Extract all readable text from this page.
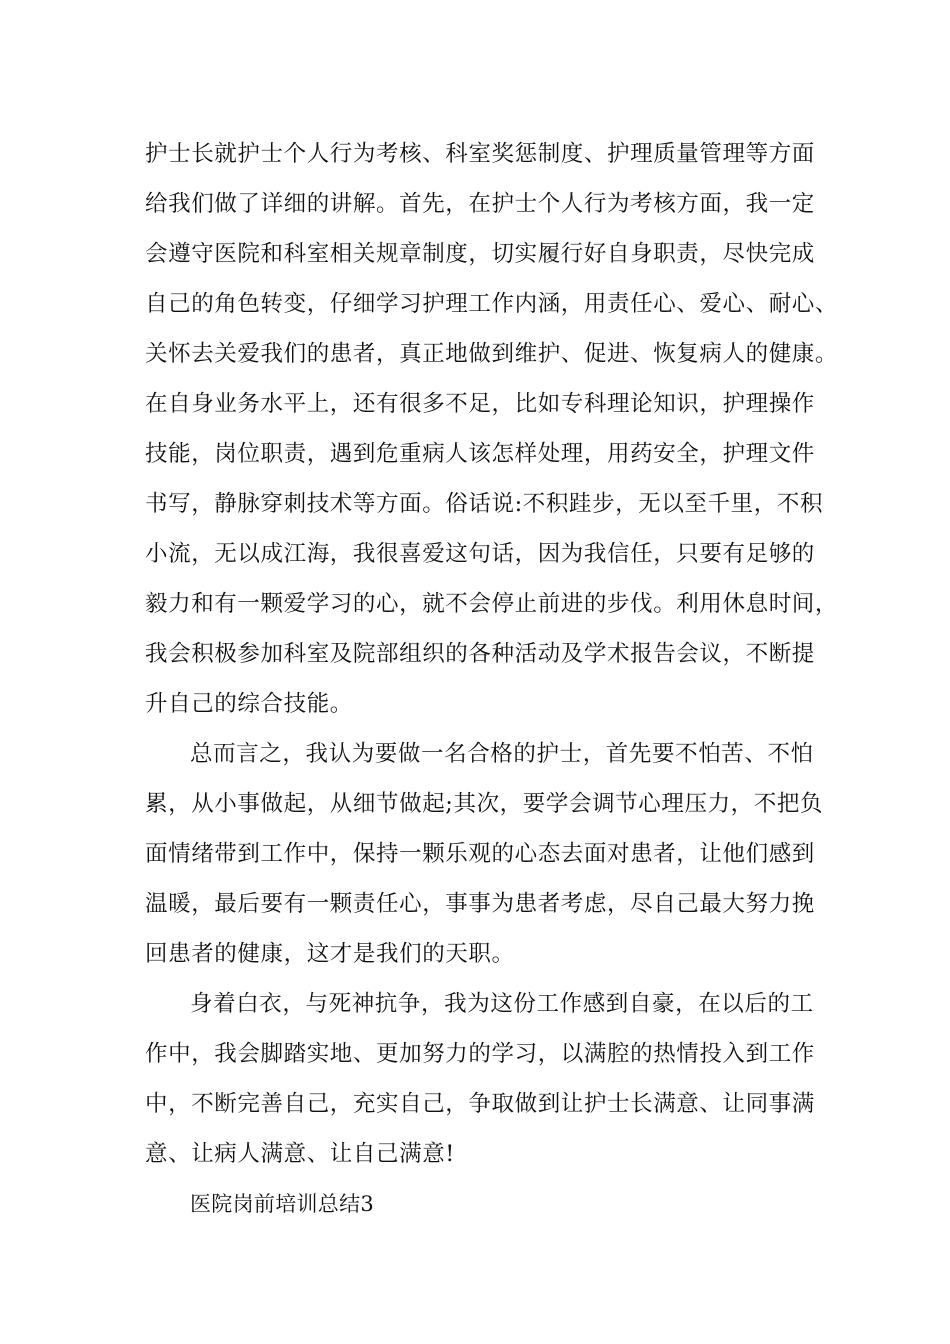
护士长就护士个人行为考核、科室奖惩制度、护理质量管理等方面
给我们做了详细的讲解。首先，在护士个人行为考核方面，我一定
会遵守医院和科室相关规章制度，切实履行好自身职责，尽快完成
自己的角色转变，仔细学习护理工作内涵，用责任心、爱心、耐心、
关怀去关爱我们的患者，真正地做到维护、促进、恢复病人的健康。
在自身业务水平上，还有很多不足，比如专科理论知识，护理操作
技能，岗位职责，遇到危重病人该怎样处理，用药安全，护理文件
书写，静脉穿刺技术等方面。俗话说:不积跬步，无以至千里，不积
小流，无以成江海，我很喜爱这句话，因为我信任，只要有足够的
毅力和有一颗爱学习的心，就不会停止前进的步伐。利用休息时间，
我会积极参加科室及院部组织的各种活动及学术报告会议，不断提
升自己的综合技能。
总而言之，我认为要做一名合格的护士，首先要不怕苦、不怕
累，从小事做起，从细节做起;其次，要学会调节心理压力，不把负
面情绪带到工作中，保持一颗乐观的心态去面对患者，让他们感到
温暖，最后要有一颗责任心，事事为患者考虑，尽自己最大努力挽
回患者的健康，这才是我们的天职。
身着白衣，与死神抗争，我为这份工作感到自豪，在以后的工
作中，我会脚踏实地、更加努力的学习，以满腔的热情投入到工作
中，不断完善自己，充实自己，争取做到让护士长满意、让同事满
意、让病人满意、让自己满意!
医院岗前培训总结3
